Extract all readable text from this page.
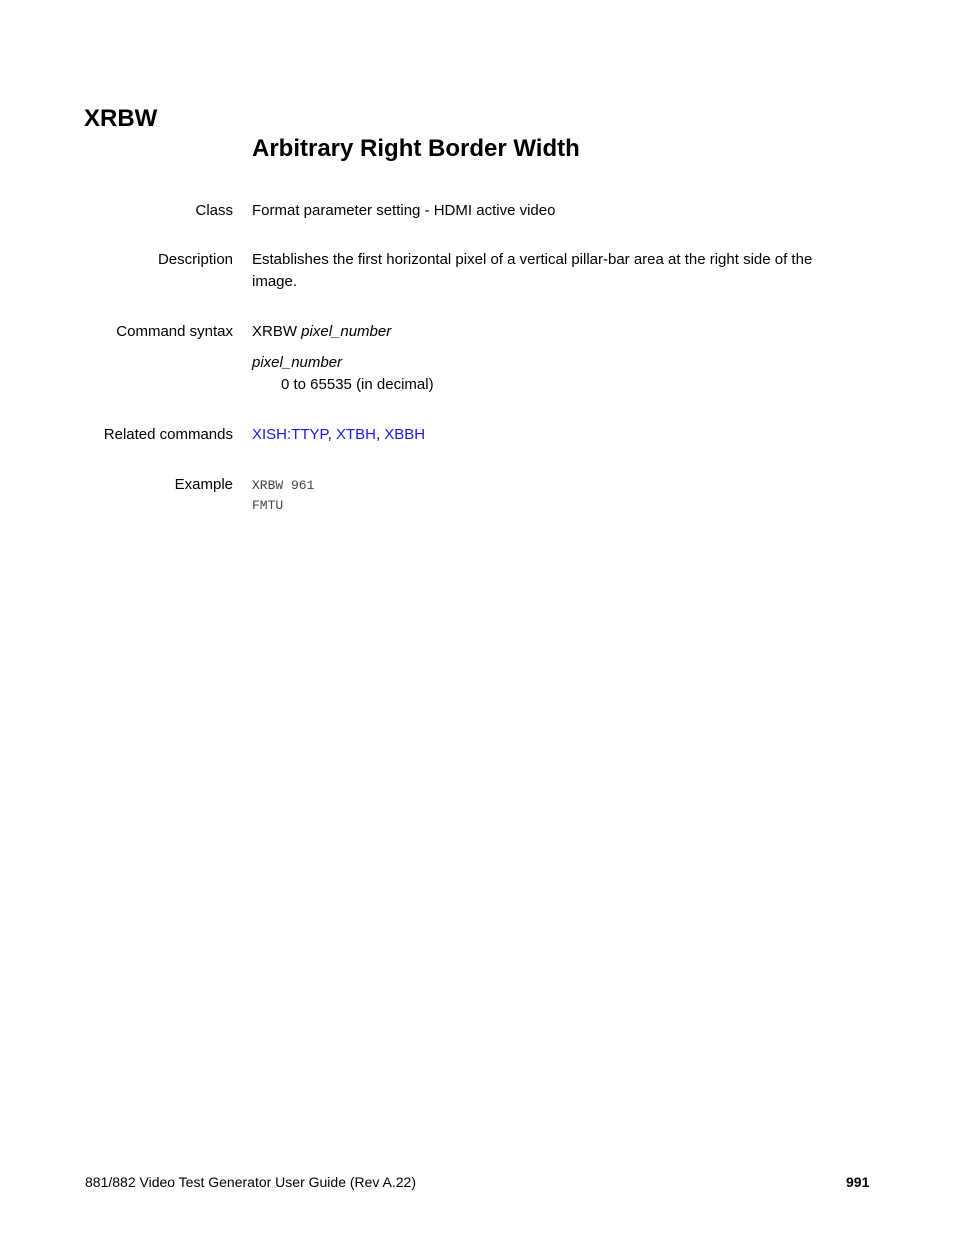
XRBW
Arbitrary Right Border Width
Class Format parameter setting - HDMI active video
Description Establishes the first horizontal pixel of a vertical pillar-bar area at the right side of the
image.
Command syntax XRBW pixel_number
pixel_number
0 to 65535 (in decimal)
Related commands XISH:TTYP, XTBH, XBBH
Example XRBW 961
FMTU
881/882 Video Test Generator User Guide (Rev A.22)	991
